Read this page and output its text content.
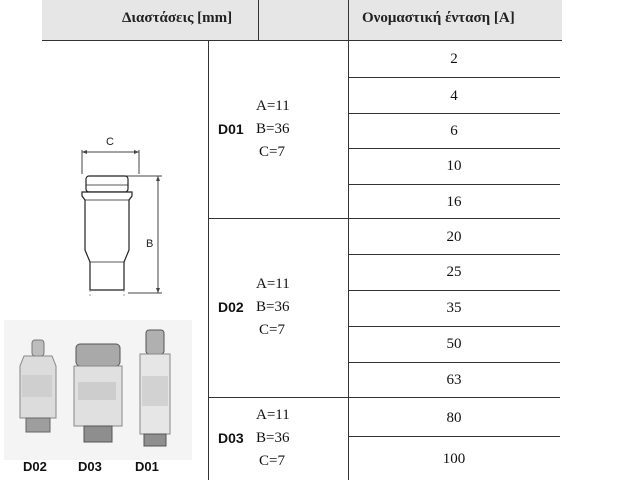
Διαστάσεις [mm]	Ονομαστική ένταση [A]
D01
A=11
B=36
C=7
2
4
6
10
16
D02
A=11
B=36
C=7
20
25
35
50
63
D03
A=11
B=36
C=7
80
100
C
B
D02 D03	D01
